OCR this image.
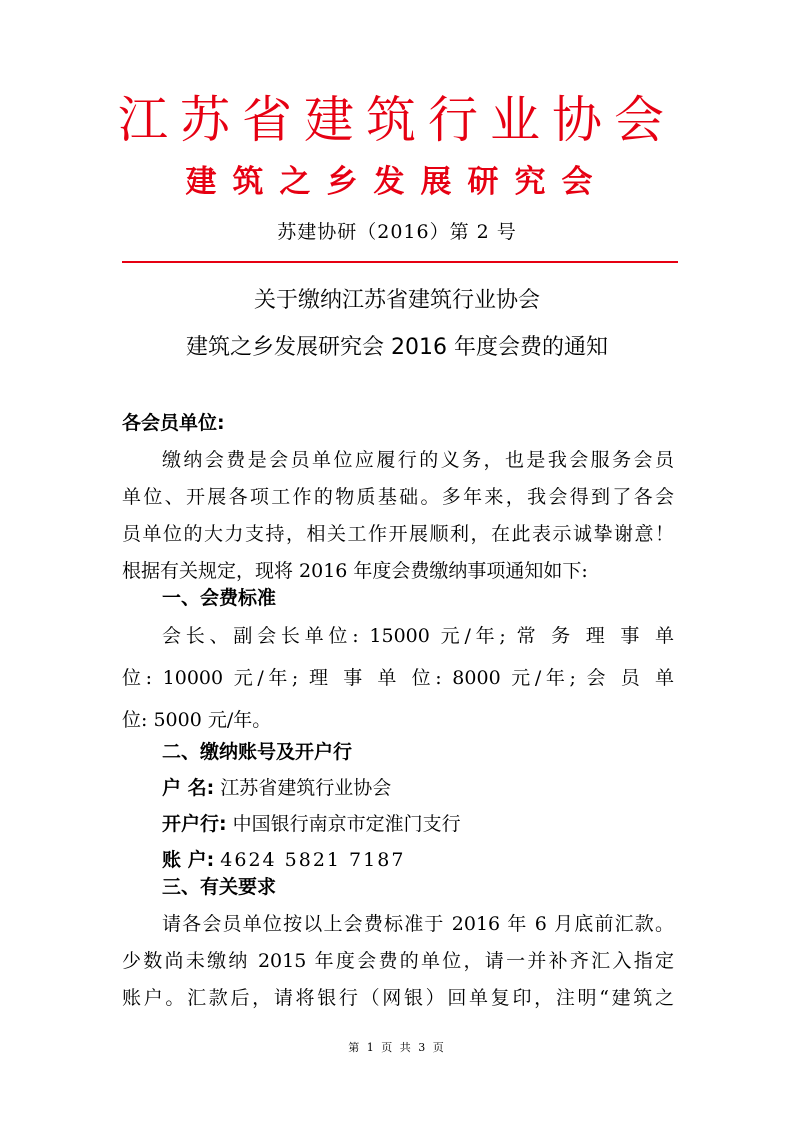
江苏省建筑行业协会
建筑之乡发展研究会
苏建协研（2016）第 2 号
关于缴纳江苏省建筑行业协会
建筑之乡发展研究会 2016 年度会费的通知
各会员单位:
缴纳会费是会员单位应履行的义务，也是我会服务会员
单位、开展各项工作的物质基础。多年来，我会得到了各会
员单位的大力支持，相关工作开展顺利，在此表示诚挚谢意！
根据有关规定，现将 2016 年度会费缴纳事项通知如下:
一、会费标准
会长、副会长单位: 15000 元/年; 常 务 理 事 单
位: 10000 元/年; 理 事 单 位: 8000 元/年; 会 员 单
位: 5000 元/年。
二、缴纳账号及开户行
户 名: 江苏省建筑行业协会
开户行: 中国银行南京市定淮门支行
账 户: 4624 5821 7187
三、有关要求
请各会员单位按以上会费标准于 2016 年 6 月底前汇款。
少数尚未缴纳 2015 年度会费的单位，请一并补齐汇入指定
账户。汇款后，请将银行（网银）回单复印，注明“建筑之
第 1 页 共 3 页
